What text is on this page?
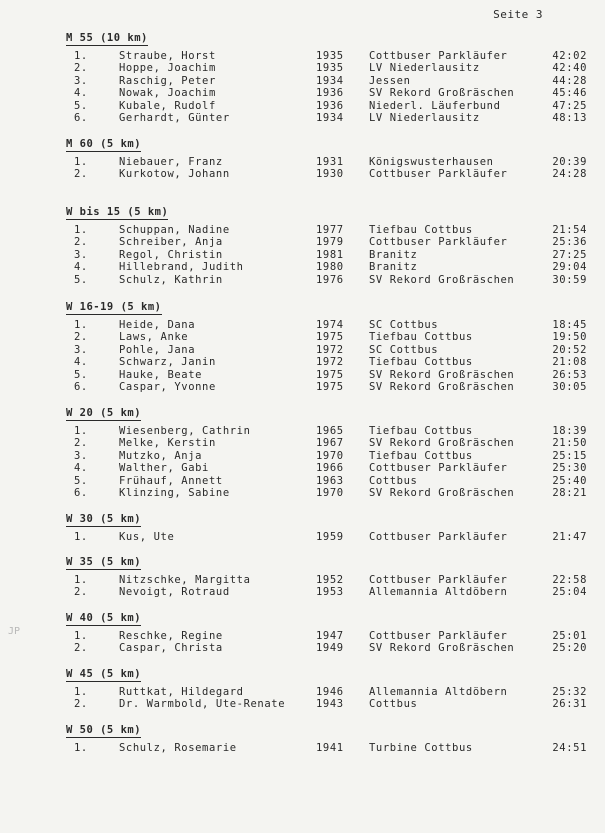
Seite 3
JP
M 55 (10 km)
1.	Straube, Horst	1935 Cottbuser Parkläufer	42:02
2.	Hoppe, Joachim	1935 LV Niederlausitz	42:40
3.	Raschig, Peter	1934 Jessen	44:28
4.	Nowak, Joachim	1936 SV Rekord Großräschen	45:46
5.	Kubale, Rudolf	1936 Niederl. Läuferbund	47:25
6.	Gerhardt, Günter	1934 LV Niederlausitz	48:13
M 60 (5 km)
1.	Niebauer, Franz	1931 Königswusterhausen	20:39
2.	Kurkotow, Johann	1930 Cottbuser Parkläufer	24:28
W bis 15 (5 km)
1.	Schuppan, Nadine	1977 Tiefbau Cottbus	21:54
2.	Schreiber, Anja	1979 Cottbuser Parkläufer	25:36
3.	Regol, Christin	1981 Branitz	27:25
4.	Hillebrand, Judith	1980 Branitz	29:04
5.	Schulz, Kathrin	1976 SV Rekord Großräschen	30:59
W 16-19 (5 km)
1.	Heide, Dana	1974 SC Cottbus	18:45
2.	Laws, Anke	1975 Tiefbau Cottbus	19:50
3.	Pohle, Jana	1972 SC Cottbus	20:52
4.	Schwarz, Janin	1972 Tiefbau Cottbus	21:08
5.	Hauke, Beate	1975 SV Rekord Großräschen	26:53
6.	Caspar, Yvonne	1975 SV Rekord Großräschen	30:05
W 20 (5 km)
1.	Wiesenberg, Cathrin	1965 Tiefbau Cottbus	18:39
2.	Melke, Kerstin	1967 SV Rekord Großräschen	21:50
3.	Mutzko, Anja	1970 Tiefbau Cottbus	25:15
4.	Walther, Gabi	1966 Cottbuser Parkläufer	25:30
5.	Frühauf, Annett	1963 Cottbus	25:40
6.	Klinzing, Sabine	1970 SV Rekord Großräschen	28:21
W 30 (5 km)
1.	Kus, Ute	1959 Cottbuser Parkläufer	21:47
W 35 (5 km)
1.	Nitzschke, Margitta	1952 Cottbuser Parkläufer	22:58
2.	Nevoigt, Rotraud	1953 Allemannia Altdöbern	25:04
W 40 (5 km)
1.	Reschke, Regine	1947 Cottbuser Parkläufer	25:01
2.	Caspar, Christa	1949 SV Rekord Großräschen	25:20
W 45 (5 km)
1.	Ruttkat, Hildegard	1946 Allemannia Altdöbern	25:32
2.	Dr. Warmbold, Ute-Renate	1943 Cottbus	26:31
W 50 (5 km)
1.	Schulz, Rosemarie	1941 Turbine Cottbus	24:51
